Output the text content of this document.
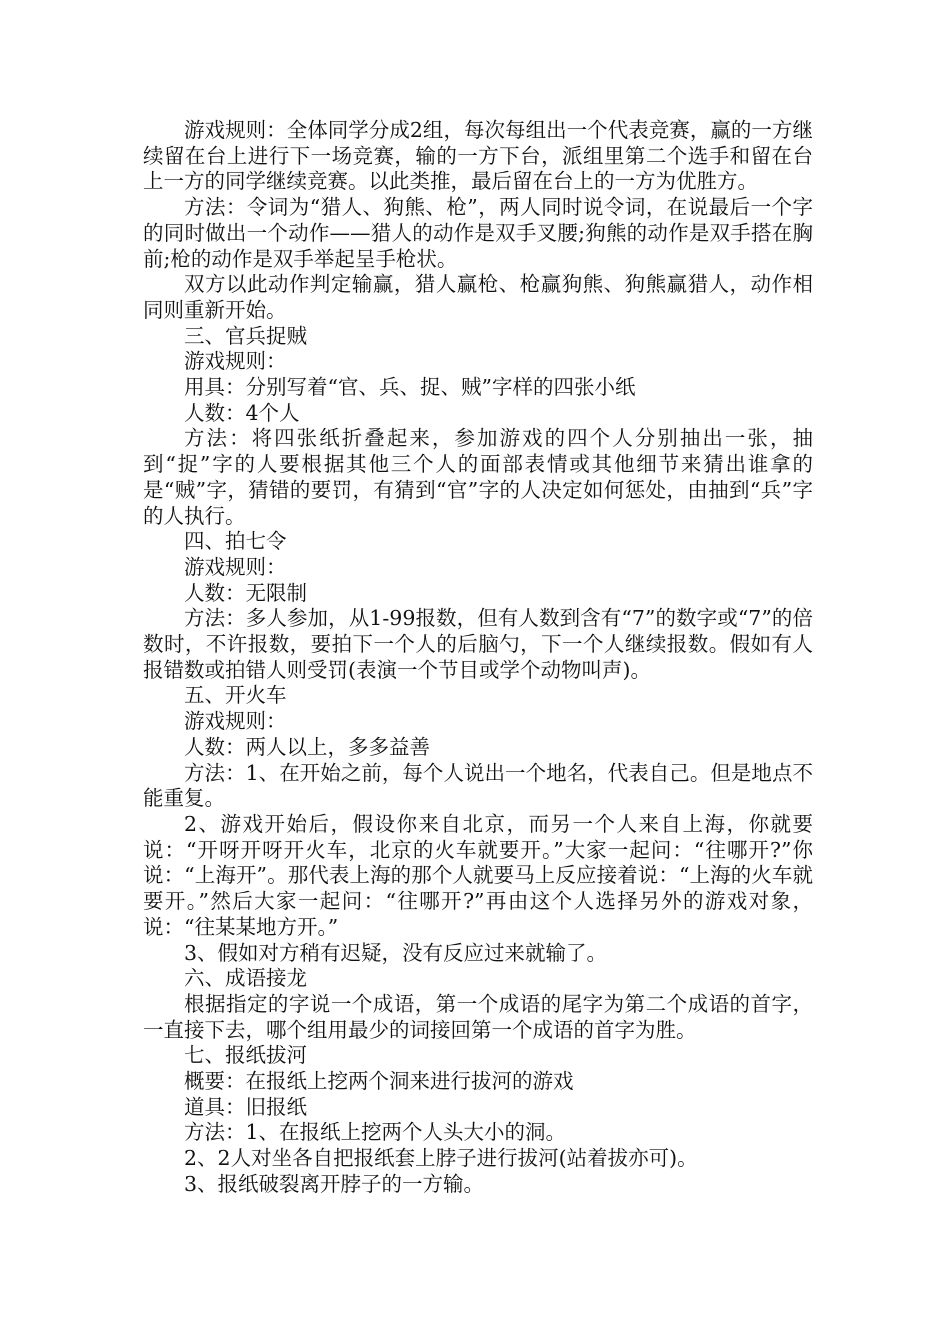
游戏规则：全体同学分成2组，每次每组出一个代表竞赛，赢的一方继续留在台上进行下一场竞赛，输的一方下台，派组里第二个选手和留在台上一方的同学继续竞赛。以此类推，最后留在台上的一方为优胜方。

方法：令词为“猎人、狗熊、枪”，两人同时说令词，在说最后一个字的同时做出一个动作——猎人的动作是双手叉腰;狗熊的动作是双手搭在胸前;枪的动作是双手举起呈手枪状。

双方以此动作判定输赢，猎人赢枪、枪赢狗熊、狗熊赢猎人，动作相同则重新开始。

三、官兵捉贼

游戏规则：

用具：分别写着“官、兵、捉、贼”字样的四张小纸

人数：4个人

方法：将四张纸折叠起来，参加游戏的四个人分别抽出一张，抽到“捉”字的人要根据其他三个人的面部表情或其他细节来猜出谁拿的是“贼”字，猜错的要罚，有猜到“官”字的人决定如何惩处，由抽到“兵”字的人执行。

四、拍七令

游戏规则：

人数：无限制

方法：多人参加，从1-99报数，但有人数到含有“7”的数字或“7”的倍数时，不许报数，要拍下一个人的后脑勺，下一个人继续报数。假如有人报错数或拍错人则受罚(表演一个节目或学个动物叫声)。

五、开火车

游戏规则：

人数：两人以上，多多益善

方法：1、在开始之前，每个人说出一个地名，代表自己。但是地点不能重复。

2、游戏开始后，假设你来自北京，而另一个人来自上海，你就要说：“开呀开呀开火车，北京的火车就要开。”大家一起问：“往哪开?”你说：“上海开”。那代表上海的那个人就要马上反应接着说：“上海的火车就要开。”然后大家一起问：“往哪开?”再由这个人选择另外的游戏对象，说：“往某某地方开。”

3、假如对方稍有迟疑，没有反应过来就输了。

六、成语接龙

根据指定的字说一个成语，第一个成语的尾字为第二个成语的首字，一直接下去，哪个组用最少的词接回第一个成语的首字为胜。

七、报纸拔河

概要：在报纸上挖两个洞来进行拔河的游戏

道具：旧报纸

方法：1、在报纸上挖两个人头大小的洞。

2、2人对坐各自把报纸套上脖子进行拔河(站着拔亦可)。

3、报纸破裂离开脖子的一方输。
